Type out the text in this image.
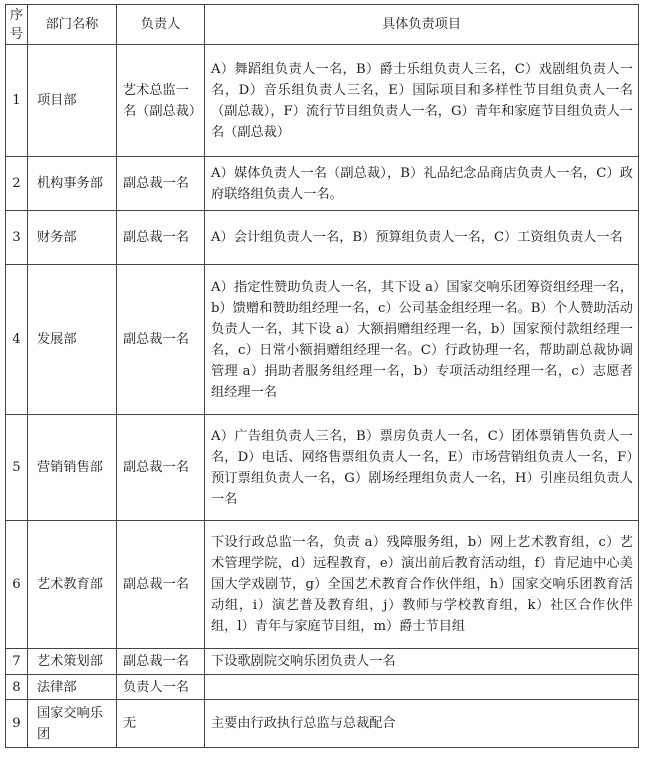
序号	部门名称	负责人	具体负责项目
1	项目部	艺术总监一名（副总裁）	A）舞蹈组负责人一名，B）爵士乐组负责人三名，C）戏剧组负责人一名，D）音乐组负责人三名，E）国际项目和多样性节目组负责人一名（副总裁），F）流行节目组负责人一名，G）青年和家庭节目组负责人一名（副总裁）
2	机构事务部	副总裁一名	A）媒体负责人一名（副总裁），B）礼品纪念品商店负责人一名，C）政府联络组负责人一名。
3	财务部	副总裁一名	A）会计组负责人一名，B）预算组负责人一名，C）工资组负责人一名
4	发展部	副总裁一名	A）指定性赞助负责人一名，其下设 a）国家交响乐团筹资组经理一名，b）馈赠和赞助组经理一名，c）公司基金组经理一名。B）个人赞助活动负责人一名，其下设 a）大额捐赠组经理一名，b）国家预付款组经理一名，c）日常小额捐赠组经理一名。C）行政协理一名，帮助副总裁协调管理 a）捐助者服务组经理一名，b）专项活动组经理一名，c）志愿者组经理一名
5	营销销售部	副总裁一名	A）广告组负责人三名，B）票房负责人一名，C）团体票销售负责人一名，D）电话、网络售票组负责人一名，E）市场营销组负责人一名，F）预订票组负责人一名，G）剧场经理组负责人一名，H）引座员组负责人一名
6	艺术教育部	副总裁一名	下设行政总监一名，负责 a）残障服务组，b）网上艺术教育组，c）艺术管理学院，d）远程教育，e）演出前后教育活动组，f）肯尼迪中心美国大学戏剧节，g）全国艺术教育合作伙伴组，h）国家交响乐团教育活动组，i）演艺普及教育组，j）教师与学校教育组，k）社区合作伙伴组，l）青年与家庭节目组，m）爵士节目组
7	艺术策划部	副总裁一名	下设歌剧院交响乐团负责人一名
8	法律部	负责人一名	
9	国家交响乐团	无	主要由行政执行总监与总裁配合
